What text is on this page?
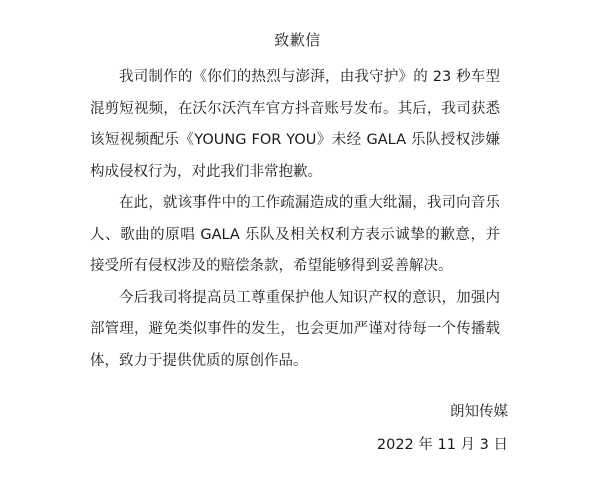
致歉信

我司制作的《你们的热烈与澎湃，由我守护》的 23 秒车型混剪短视频，在沃尔沃汽车官方抖音账号发布。其后，我司获悉该短视频配乐《YOUNG FOR YOU》未经 GALA 乐队授权涉嫌构成侵权行为，对此我们非常抱歉。

在此，就该事件中的工作疏漏造成的重大纰漏，我司向音乐人、歌曲的原唱 GALA 乐队及相关权利方表示诚挚的歉意，并接受所有侵权涉及的赔偿条款，希望能够得到妥善解决。

今后我司将提高员工尊重保护他人知识产权的意识，加强内部管理，避免类似事件的发生，也会更加严谨对待每一个传播载体，致力于提供优质的原创作品。

朗知传媒
2022 年 11 月 3 日
